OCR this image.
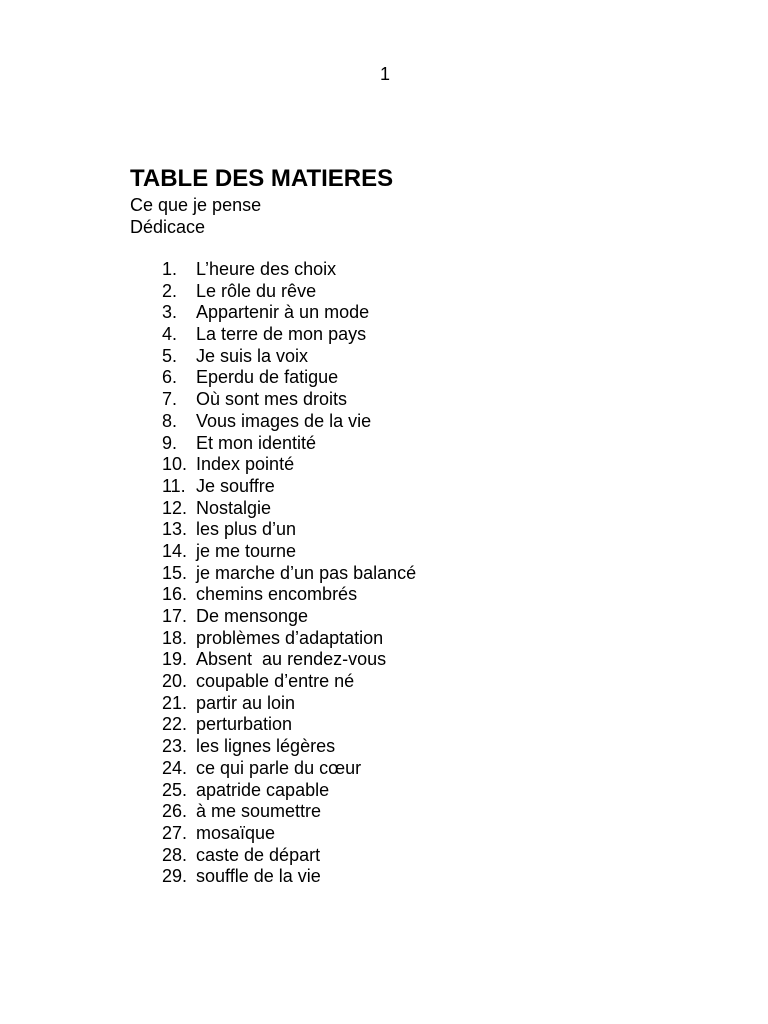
1
TABLE DES MATIERES
Ce que je pense
Dédicace
1.	L’heure des choix
2.	Le rôle du rêve
3.	Appartenir à un mode
4.	La terre de mon pays
5.	Je suis la voix
6.	Eperdu de fatigue
7.	Où sont mes droits
8.	Vous images de la vie
9.	Et mon identité
10. Index pointé
11. Je souffre
12. Nostalgie
13. les plus d’un
14. je me tourne
15. je marche d’un pas balancé
16. chemins encombrés
17. De mensonge
18. problèmes d’adaptation
19. Absent  au rendez-vous
20. coupable d’entre né
21. partir au loin
22. perturbation
23. les lignes légères
24. ce qui parle du cœur
25. apatride capable
26. à me soumettre
27. mosaïque
28. caste de départ
29. souffle de la vie
